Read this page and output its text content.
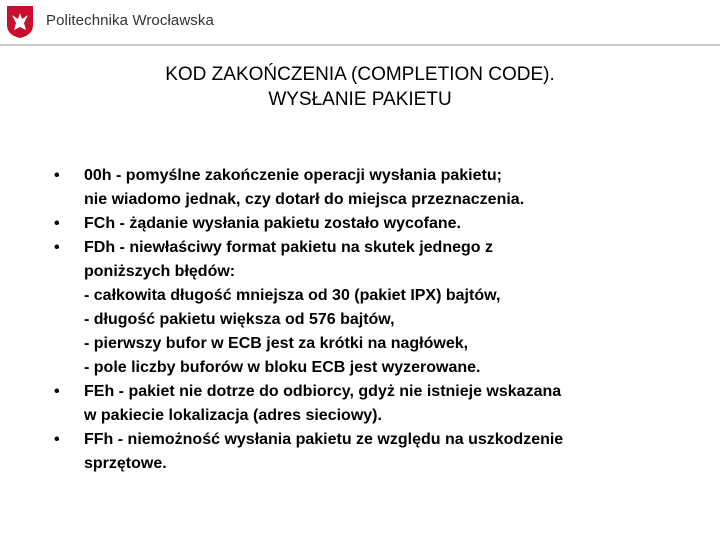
Politechnika Wrocławska
KOD ZAKOŃCZENIA (COMPLETION CODE).
WYSŁANIE PAKIETU
•	00h - pomyślne zakończenie operacji wysłania pakietu;
nie wiadomo jednak, czy dotarł do miejsca przeznaczenia.
•	FCh - żądanie wysłania pakietu zostało wycofane.
•	FDh - niewłaściwy format pakietu na skutek jednego z
poniższych błędów:
- całkowita długość mniejsza od 30 (pakiet IPX) bajtów,
- długość pakietu większa od 576 bajtów,
- pierwszy bufor w ECB jest za krótki na nagłówek,
- pole liczby buforów w bloku ECB jest wyzerowane.
•	FEh - pakiet nie dotrze do odbiorcy, gdyż nie istnieje wskazana
w pakiecie lokalizacja (adres sieciowy).
•	FFh - niemożność wysłania pakietu ze względu na uszkodzenie
sprzętowe.
